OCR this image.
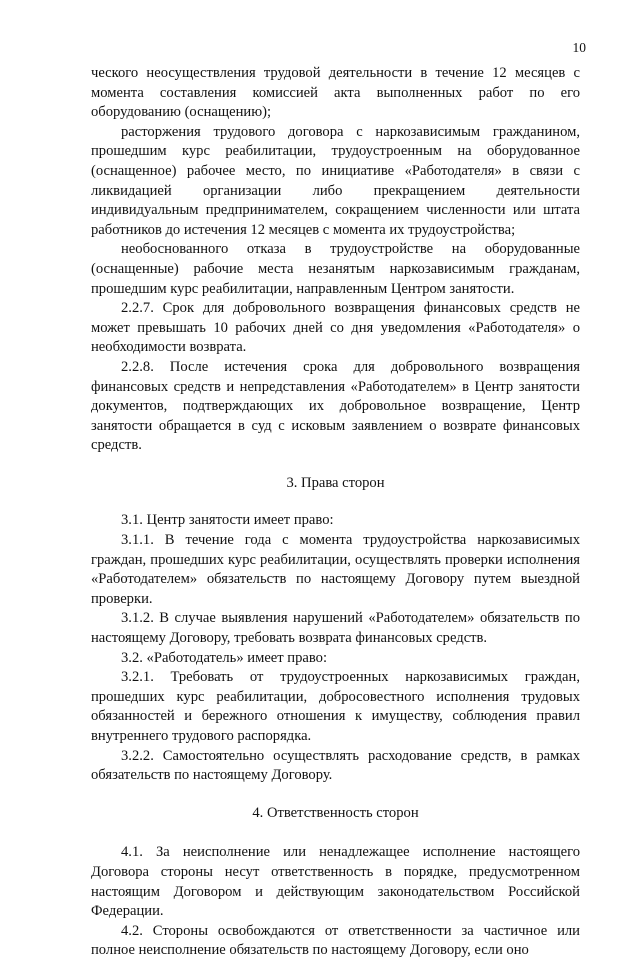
10

ческого неосуществления трудовой деятельности в течение 12 месяцев с момента составления комиссией акта выполненных работ по его оборудованию (оснащению);

расторжения трудового договора с наркозависимым гражданином, прошедшим курс реабилитации, трудоустроенным на оборудованное (оснащенное) рабочее место, по инициативе «Работодателя» в связи с ликвидацией организации либо прекращением деятельности индивидуальным предпринимателем, сокращением численности или штата работников до истечения 12 месяцев с момента их трудоустройства;

необоснованного отказа в трудоустройстве на оборудованные (оснащенные) рабочие места незанятым наркозависимым гражданам, прошедшим курс реабилитации, направленным Центром занятости.

2.2.7. Срок для добровольного возвращения финансовых средств не может превышать 10 рабочих дней со дня уведомления «Работодателя» о необходимости возврата.

2.2.8. После истечения срока для добровольного возвращения финансовых средств и непредставления «Работодателем» в Центр занятости документов, подтверждающих их добровольное возвращение, Центр занятости обращается в суд с исковым заявлением о возврате финансовых средств.

3. Права сторон

3.1. Центр занятости имеет право:

3.1.1. В течение года с момента трудоустройства наркозависимых граждан, прошедших курс реабилитации, осуществлять проверки исполнения «Работодателем» обязательств по настоящему Договору путем выездной проверки.

3.1.2. В случае выявления нарушений «Работодателем» обязательств по настоящему Договору, требовать возврата финансовых средств.

3.2. «Работодатель» имеет право:

3.2.1. Требовать от трудоустроенных наркозависимых граждан, прошедших курс реабилитации, добросовестного исполнения трудовых обязанностей и бережного отношения к имуществу, соблюдения правил внутреннего трудового распорядка.

3.2.2. Самостоятельно осуществлять расходование средств, в рамках обязательств по настоящему Договору.

4. Ответственность сторон

4.1. За неисполнение или ненадлежащее исполнение настоящего Договора стороны несут ответственность в порядке, предусмотренном настоящим Договором и действующим законодательством Российской Федерации.

4.2. Стороны освобождаются от ответственности за частичное или полное неисполнение обязательств по настоящему Договору, если оно
